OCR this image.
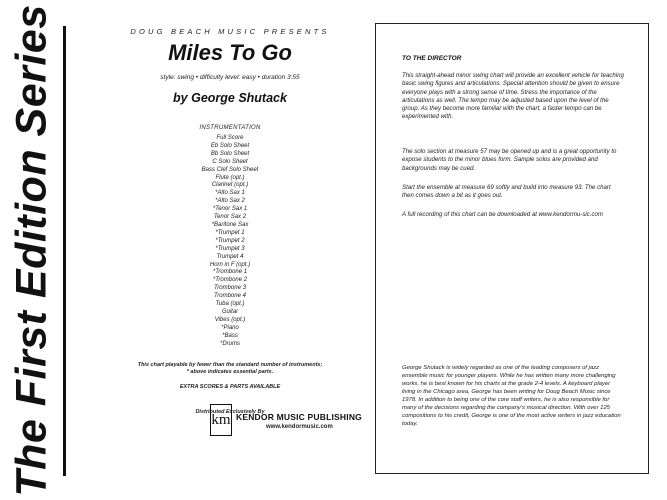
The First Edition Series	DOUG BEACH MUSIC PRESENTS
Miles To Go
style: swing • difficulty level: easy • duration 3:55
by George Shutack
INSTRUMENTATION
Full Score
Eb Solo Sheet
Bb Solo Sheet
C Solo Sheet
Bass Clef Solo Sheet
Flute (opt.)
Clarinet (opt.)
*Alto Sax 1
*Alto Sax 2
*Tenor Sax 1
Tenor Sax 2
*Baritone Sax
*Trumpet 1
*Trumpet 2
*Trumpet 3
Trumpet 4
Horn in F (opt.)
*Trombone 1
*Trombone 2
Trombone 3
Trombone 4
Tuba (opt.)
Guitar
Vibes (opt.)
*Piano
*Bass
*Drums
This chart playable by fewer than the standard number of instruments;
* above indicates essential parts.
EXTRA SCORES & PARTS AVAILABLE
Distributed Exclusively By
km KENDOR MUSIC PUBLISHING
www.kendormusic.com
TO THE DIRECTOR

This straight-ahead minor swing chart will provide an excellent vehicle for teaching basic swing figures and articulations. Special attention should be given to ensure everyone plays with a strong sense of time. Stress the importance of the articulations as well. The tempo may be adjusted based upon the level of the group. As they become more familiar with the chart, a faster tempo can be experimented with.

The solo section at measure 57 may be opened up and is a great opportunity to expose students to the minor blues form. Sample solos are provided and backgrounds may be cued.

Start the ensemble at measure 69 softly and build into measure 93. The chart then comes down a bit as it goes out.

A full recording of this chart can be downloaded at www.kendormu-sic.com

George Shutack is widely regarded as one of the leading composers of jazz ensemble music for younger players. While he has written many more challenging works, he is best known for his charts at the grade 2-4 levels. A keyboard player living in the Chicago area, George has been writing for Doug Beach Music since 1978. In addition to being one of the core staff writers, he is also responsible for many of the decisions regarding the company's musical direction. With over 125 compositions to his credit, George is one of the most active writers in jazz education today.
